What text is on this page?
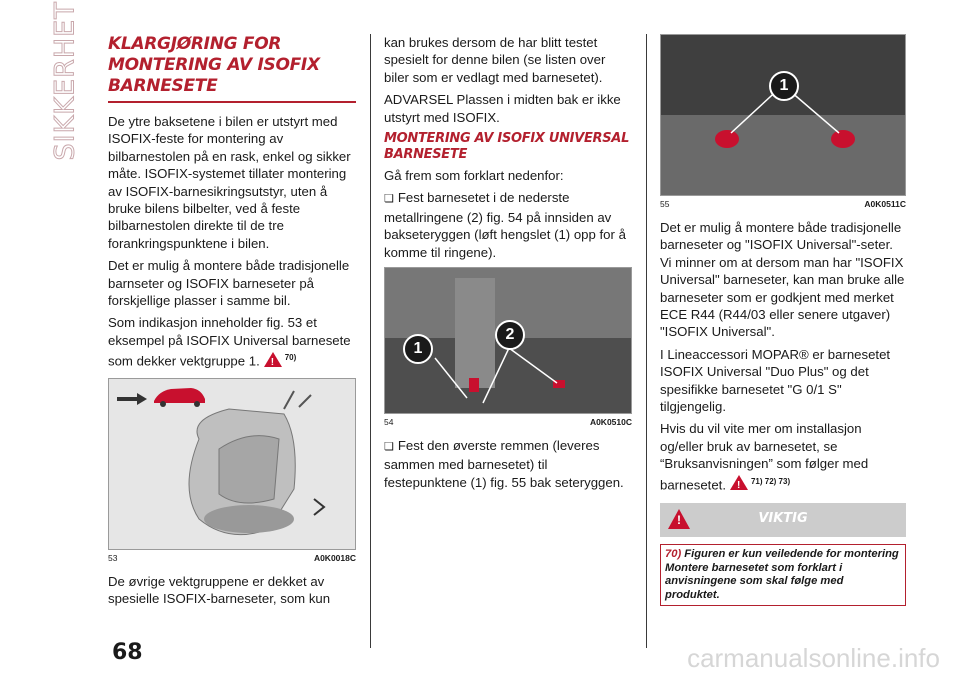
SIKKERHET KLARGJØRING FOR MONTERING AV ISOFIX BARNESETE

De ytre baksetene i bilen er utstyrt med ISOFIX-feste for montering av bilbarnestolen på en rask, enkel og sikker måte. ISOFIX-systemet tillater montering av ISOFIX-barnesikringsutstyr, uten å bruke bilens bilbelter, ved å feste bilbarnestolen direkte til de tre forankringspunktene i bilen.

Det er mulig å montere både tradisjonelle barnseter og ISOFIX barneseter på forskjellige plasser i samme bil.

Som indikasjon inneholder fig. 53 et eksempel på ISOFIX Universal barnesete som dekker vektgruppe 1. !	$^{70)}$

53	A0K0018C

De øvrige vektgruppene er dekket av spesielle ISOFIX-barneseter, som kun

kan brukes dersom de har blitt testet spesielt for denne bilen (se listen over biler som er vedlagt med barnesetet).

ADVARSEL Plassen i midten bak er ikke utstyrt med ISOFIX.

MONTERING AV ISOFIX UNIVERSAL BARNESETE

Gå frem som forklart nedenfor:

❏ Fest barnesetet i de nederste metallringene (2) fig. 54 på innsiden av bakseteryggen (løft hengslet (1) opp for å komme til ringene).

1
2
54	A0K0510C

❏ Fest den øverste remmen (leveres sammen med barnesetet) til festepunktene (1) fig. 55 bak seteryggen.

1
55	A0K0511C

Det er mulig å montere både tradisjonelle barneseter og "ISOFIX Universal"-seter. Vi minner om at dersom man har "ISOFIX Universal" barneseter, kan man bruke alle barneseter som er godkjent med merket ECE R44 (R44/03 eller senere utgaver) "ISOFIX Universal".

I Lineaccessori MOPAR® er barnesetet ISOFIX Universal "Duo Plus" og det spesifikke barnesetet "G 0/1 S" tilgjengelig.

Hvis du vil vite mer om installasjon og/eller bruk av barnesetet, se “Bruksanvisningen” som følger med barnesetet. !	$^{71) 72) 73)}$

!
VIKTIG
70) Figuren er kun veiledende for montering Montere barnesetet som forklart i anvisningene som skal følge med produktet.
68	carmanualsonline.info
